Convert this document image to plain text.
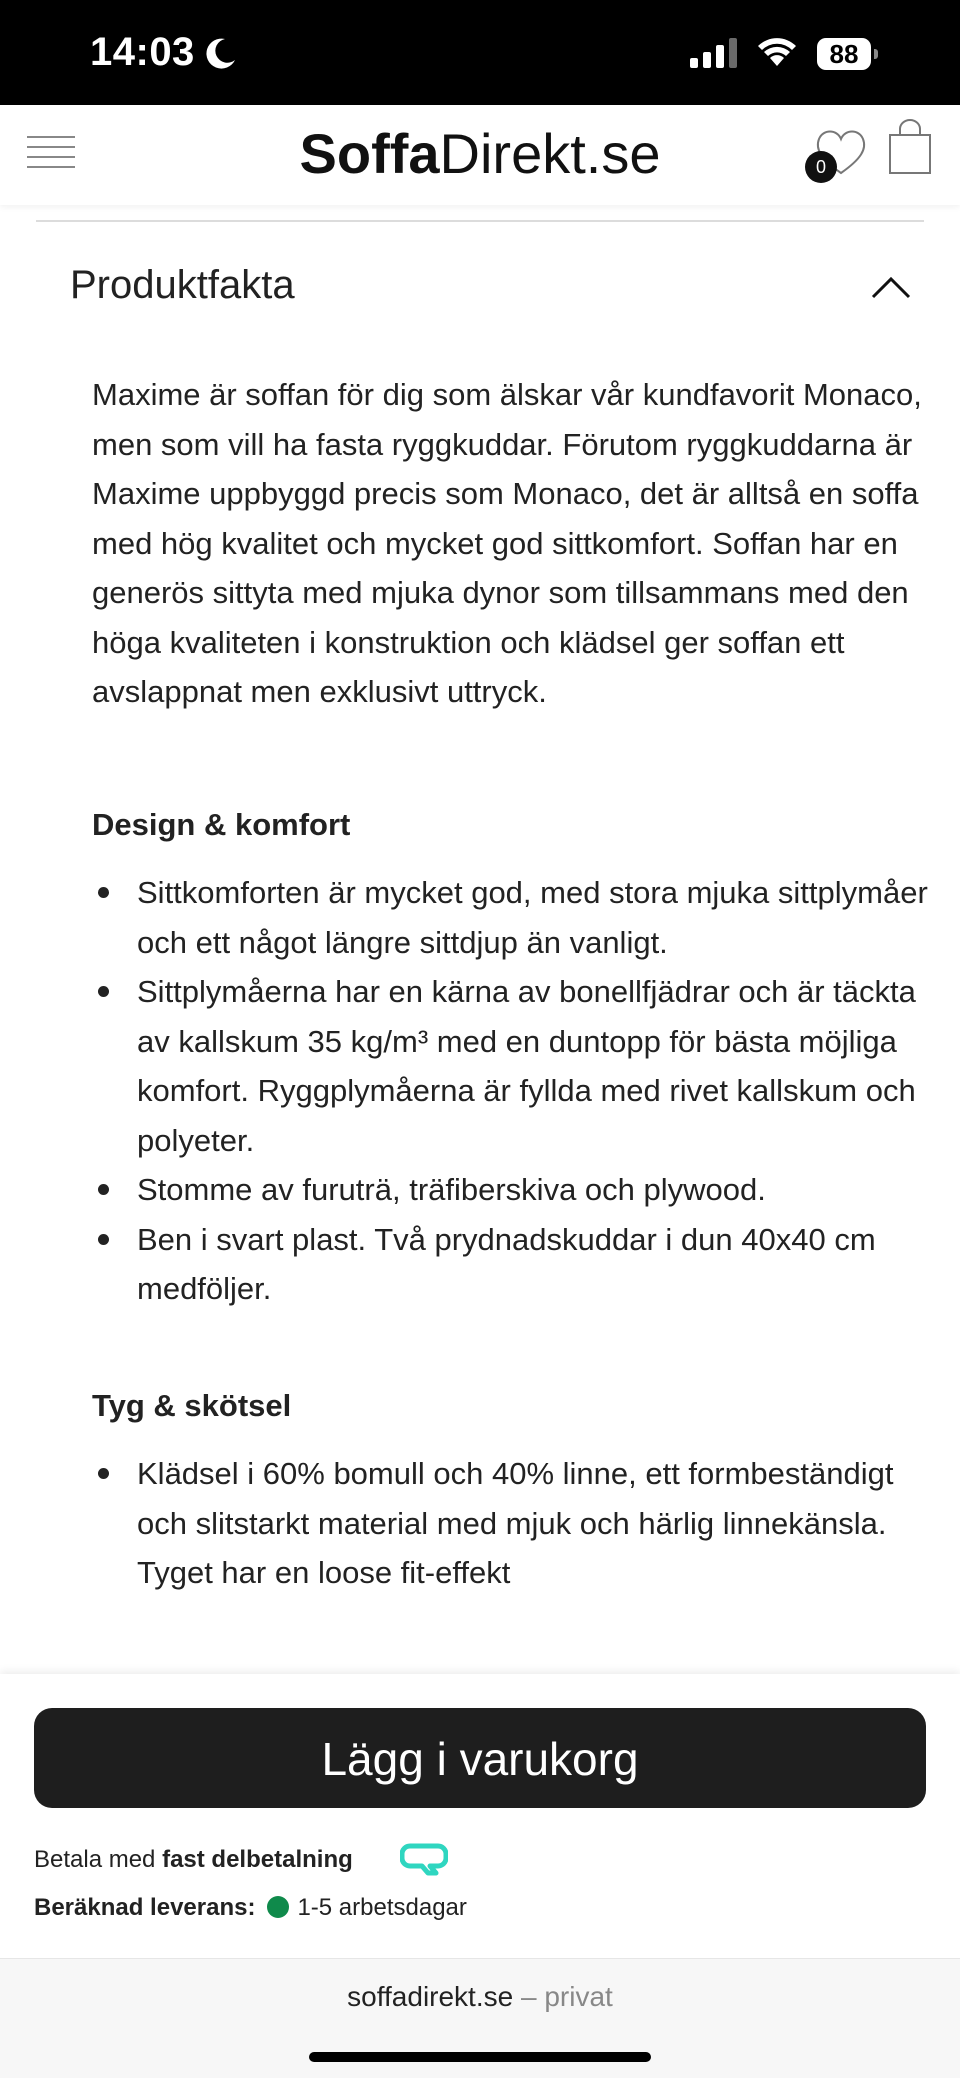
14:03	88
SoffaDirekt.se	0
Produktfakta

Maxime är soffan för dig som älskar vår kundfavorit Monaco, men som vill ha fasta ryggkuddar. Förutom ryggkuddarna är Maxime uppbyggd precis som Monaco, det är alltså en soffa med hög kvalitet och mycket god sittkomfort. Soffan har en generös sittyta med mjuka dynor som tillsammans med den höga kvaliteten i konstruktion och klädsel ger soffan ett avslappnat men exklusivt uttryck.

Design & komfort

Sittkomforten är mycket god, med stora mjuka sittplymåer och ett något längre sittdjup än vanligt.
Sittplymåerna har en kärna av bonellfjädrar och är täckta av kallskum 35 kg/m³ med en duntopp för bästa möjliga komfort. Ryggplymåerna är fyllda med rivet kallskum och polyeter.
Stomme av furuträ, träfiberskiva och plywood.
Ben i svart plast. Två prydnadskuddar i dun 40x40 cm medföljer.

Tyg & skötsel

Klädsel i 60% bomull och 40% linne, ett formbeständigt och slitstarkt material med mjuk och härlig linnekänsla. Tyget har en loose fit-effekt
Lägg i varukorg
Betala med fast delbetalning
Beräknad leverans: 1-5 arbetsdagar
soffadirekt.se – privat
